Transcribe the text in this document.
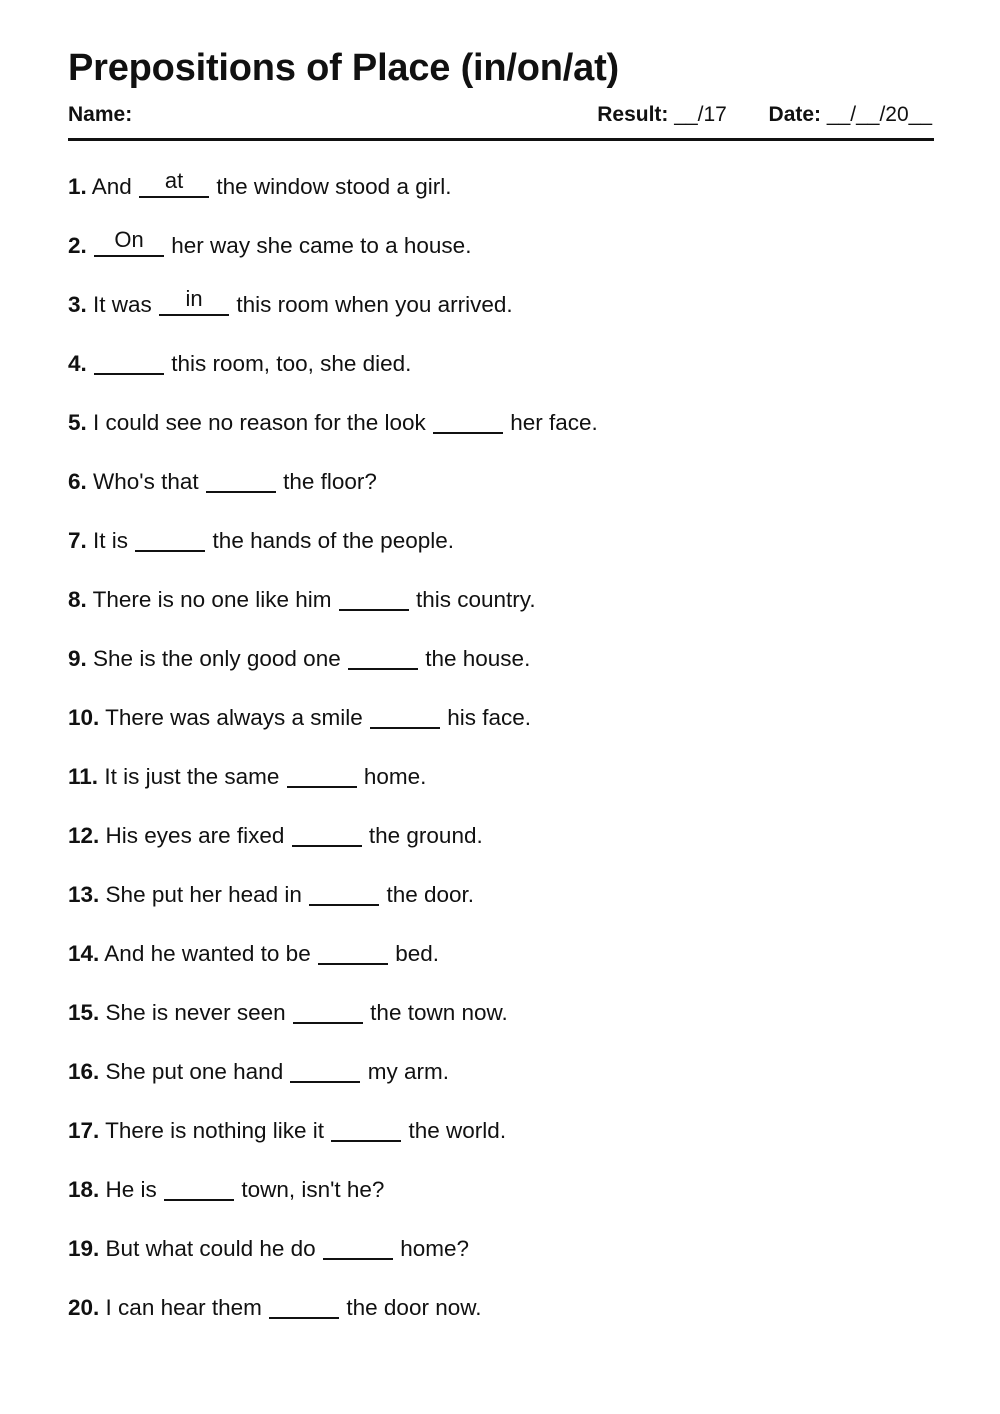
Prepositions of Place (in/on/at)
Name:	Result: __/17 Date: __/__/20__
1. And	at	the window stood a girl.
2.	On her way she came to a house.
3. It was	in	this room when you arrived.
4.	this room, too, she died.
5. I could see no reason for the look	her face.
6. Who's that	the floor?
7. It is	the hands of the people.
8. There is no one like him	this country.
9. She is the only good one	the house.
10. There was always a smile	his face.
11. It is just the same	home.
12. His eyes are fixed	the ground.
13. She put her head in	the door.
14. And he wanted to be	bed.
15. She is never seen	the town now.
16. She put one hand	my arm.
17. There is nothing like it	the world.
18. He is	town, isn't he?
19. But what could he do	home?
20. I can hear them	the door now.
